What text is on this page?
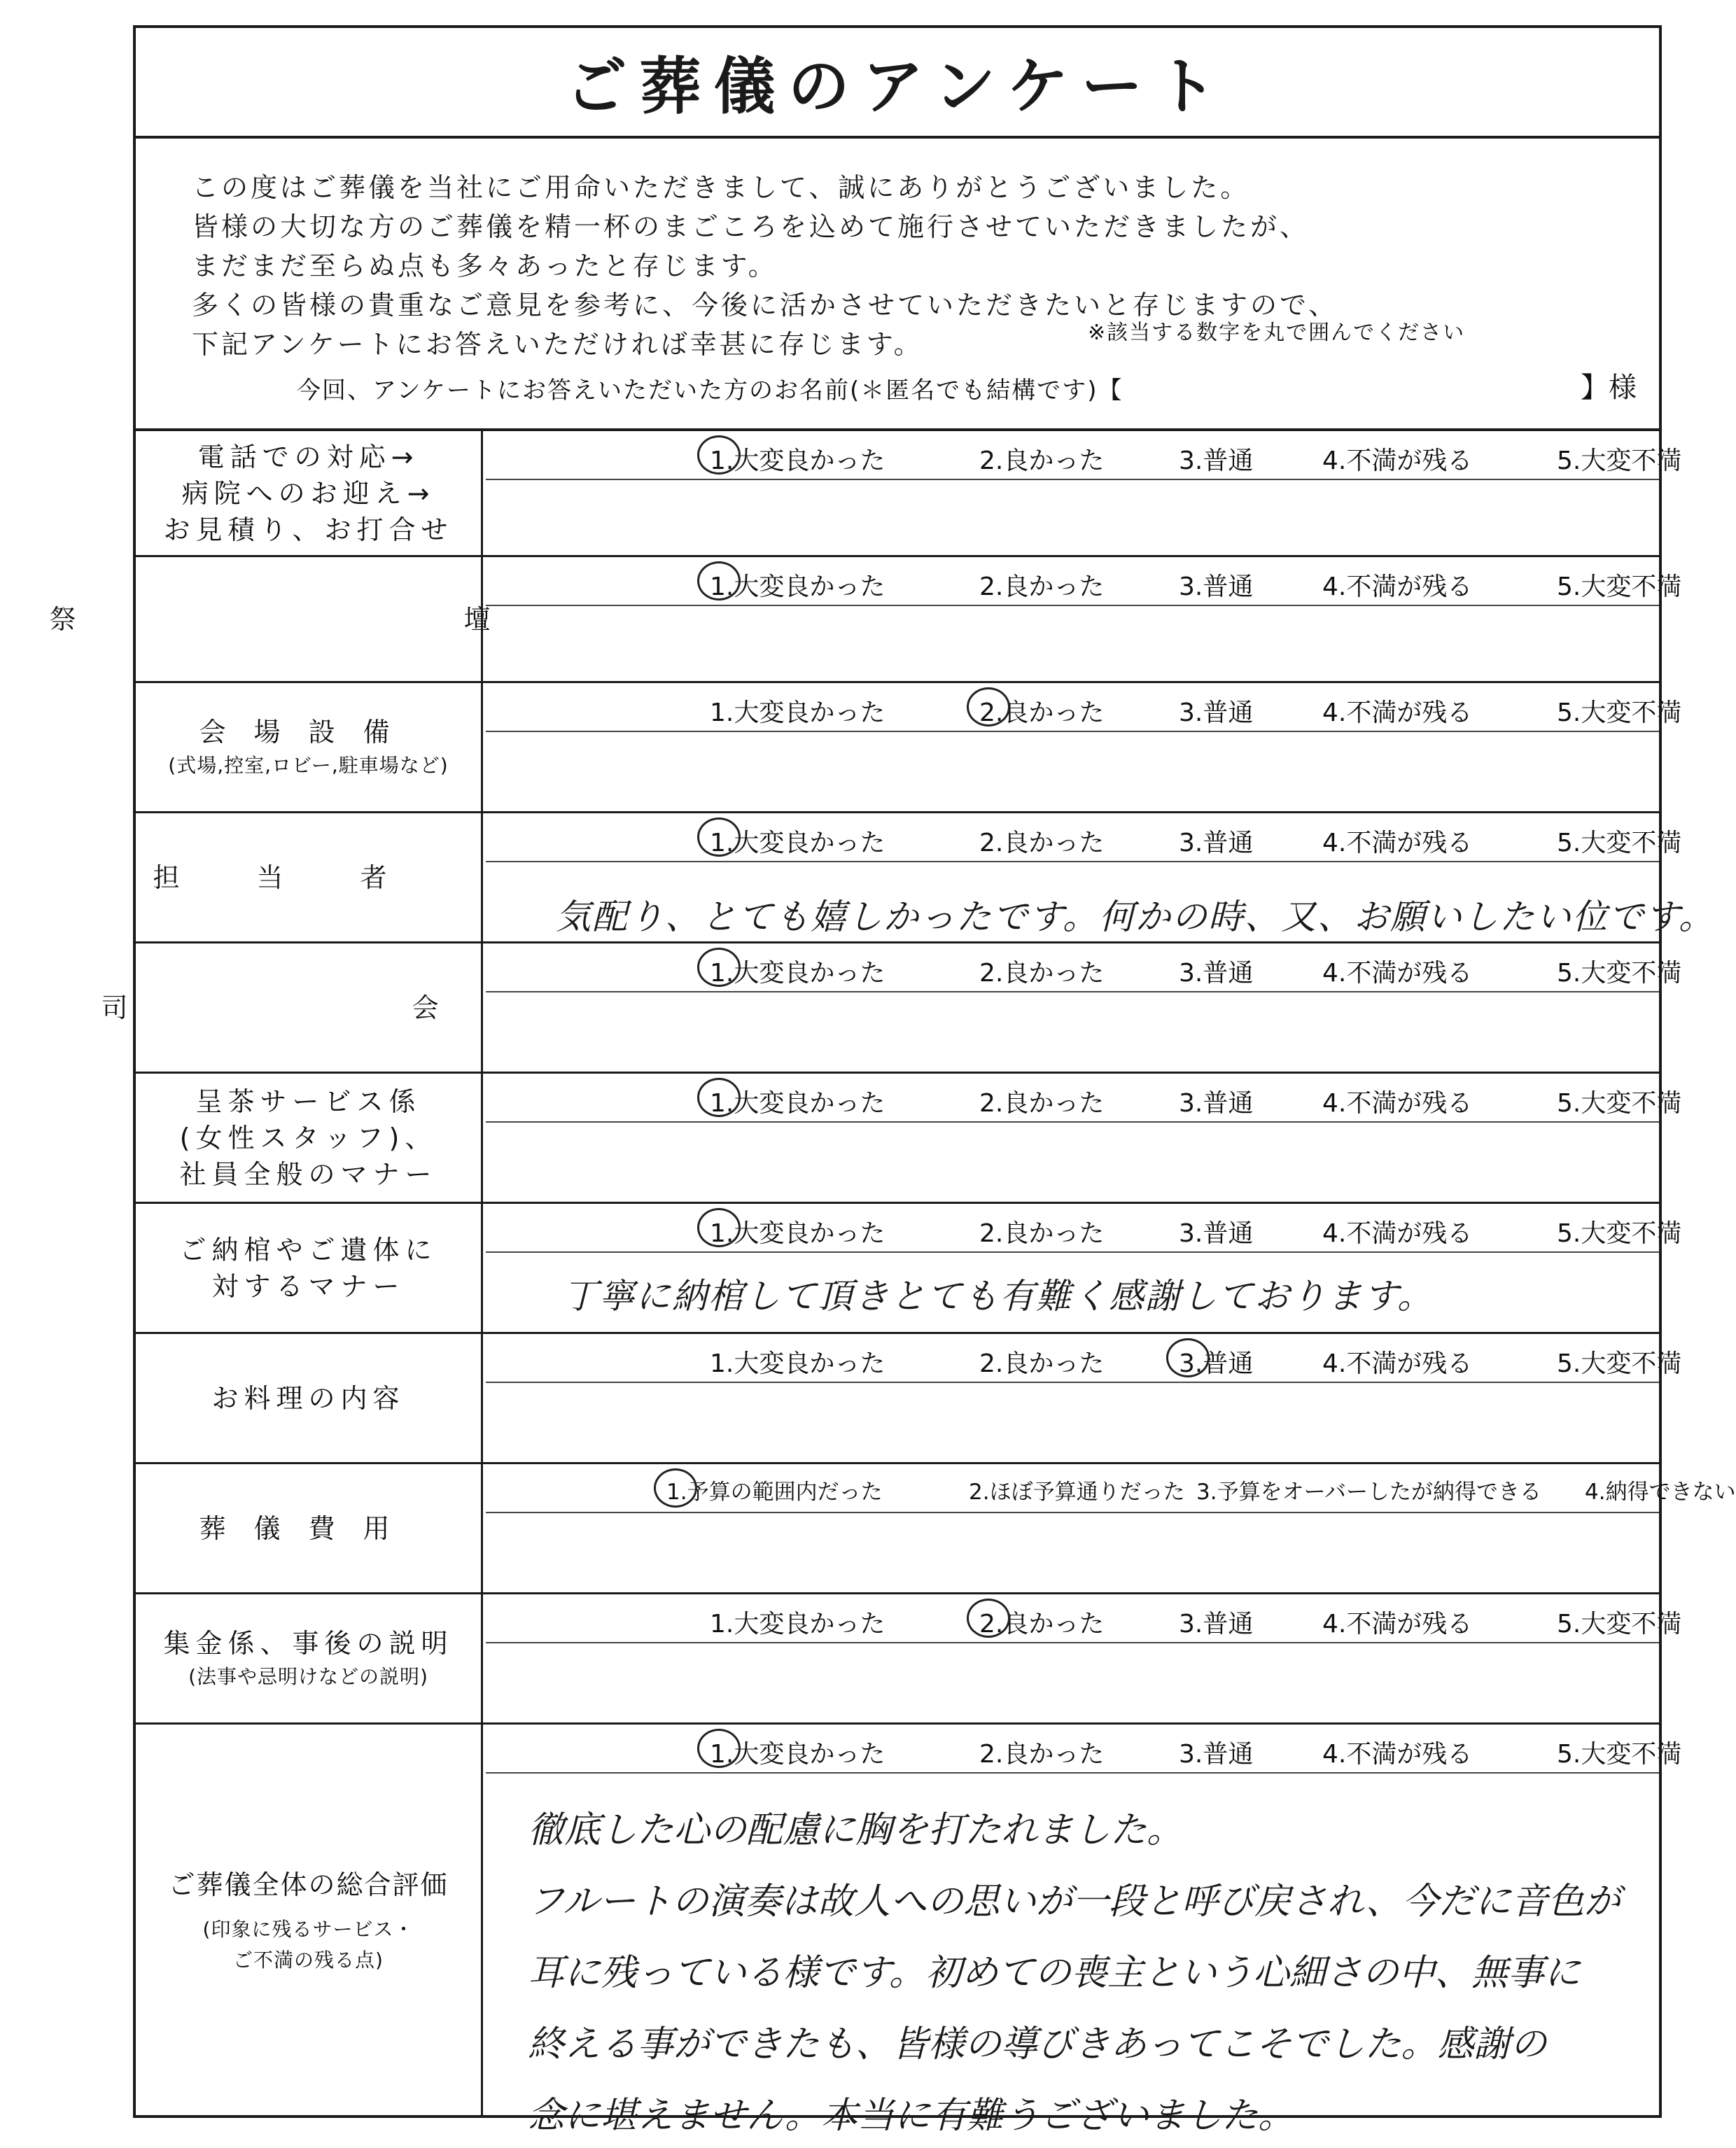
ご葬儀のアンケート
この度はご葬儀を当社にご用命いただきまして、誠にありがとうございました。
皆様の大切な方のご葬儀を精一杯のまごころを込めて施行させていただきましたが、
まだまだ至らぬ点も多々あったと存じます。
多くの皆様の貴重なご意見を参考に、今後に活かさせていただきたいと存じますので、
下記アンケートにお答えいただければ幸甚に存じます。	※該当する数字を丸で囲んでください
今回、アンケートにお答えいただいた方のお名前(＊匿名でも結構です)【	】様
電話での対応→
病院へのお迎え→
お見積り、お打合せ
1.大変良かった	2.良かった	3.普通	4.不満が残る	5.大変不満
祭　　　壇
1.大変良かった	2.良かった	3.普通	4.不満が残る	5.大変不満
会場設備
(式場,控室,ロビー,駐車場など)
1.大変良かった	2.良かった	3.普通	4.不満が残る	5.大変不満
担当者
1.大変良かった	2.良かった	3.普通	4.不満が残る	5.大変不満
気配り、とても嬉しかったです。何かの時、又、お願いしたい位です。
司　　会
1.大変良かった	2.良かった	3.普通	4.不満が残る	5.大変不満
呈茶サービス係
(女性スタッフ)、
社員全般のマナー
1.大変良かった	2.良かった	3.普通	4.不満が残る	5.大変不満
ご納棺やご遺体に
対するマナー
1.大変良かった	2.良かった	3.普通	4.不満が残る	5.大変不満
丁寧に納棺して頂きとても有難く感謝しております。
お料理の内容
1.大変良かった	2.良かった	3.普通	4.不満が残る	5.大変不満
葬儀費用
1.予算の範囲内だった	2.ほぼ予算通りだった 3.予算をオーバーしたが納得できる 4.納得できない
集金係、事後の説明
(法事や忌明けなどの説明)
1.大変良かった	2.良かった	3.普通	4.不満が残る	5.大変不満
ご葬儀全体の総合評価
(印象に残るサービス・
ご不満の残る点)
1.大変良かった	2.良かった	3.普通	4.不満が残る	5.大変不満
徹底した心の配慮に胸を打たれました。
フルートの演奏は故人への思いが一段と呼び戻され、今だに音色が
耳に残っている様です。初めての喪主という心細さの中、無事に
終える事ができたも、皆様の導びきあってこそでした。感謝の
念に堪えません。本当に有難うございました。
